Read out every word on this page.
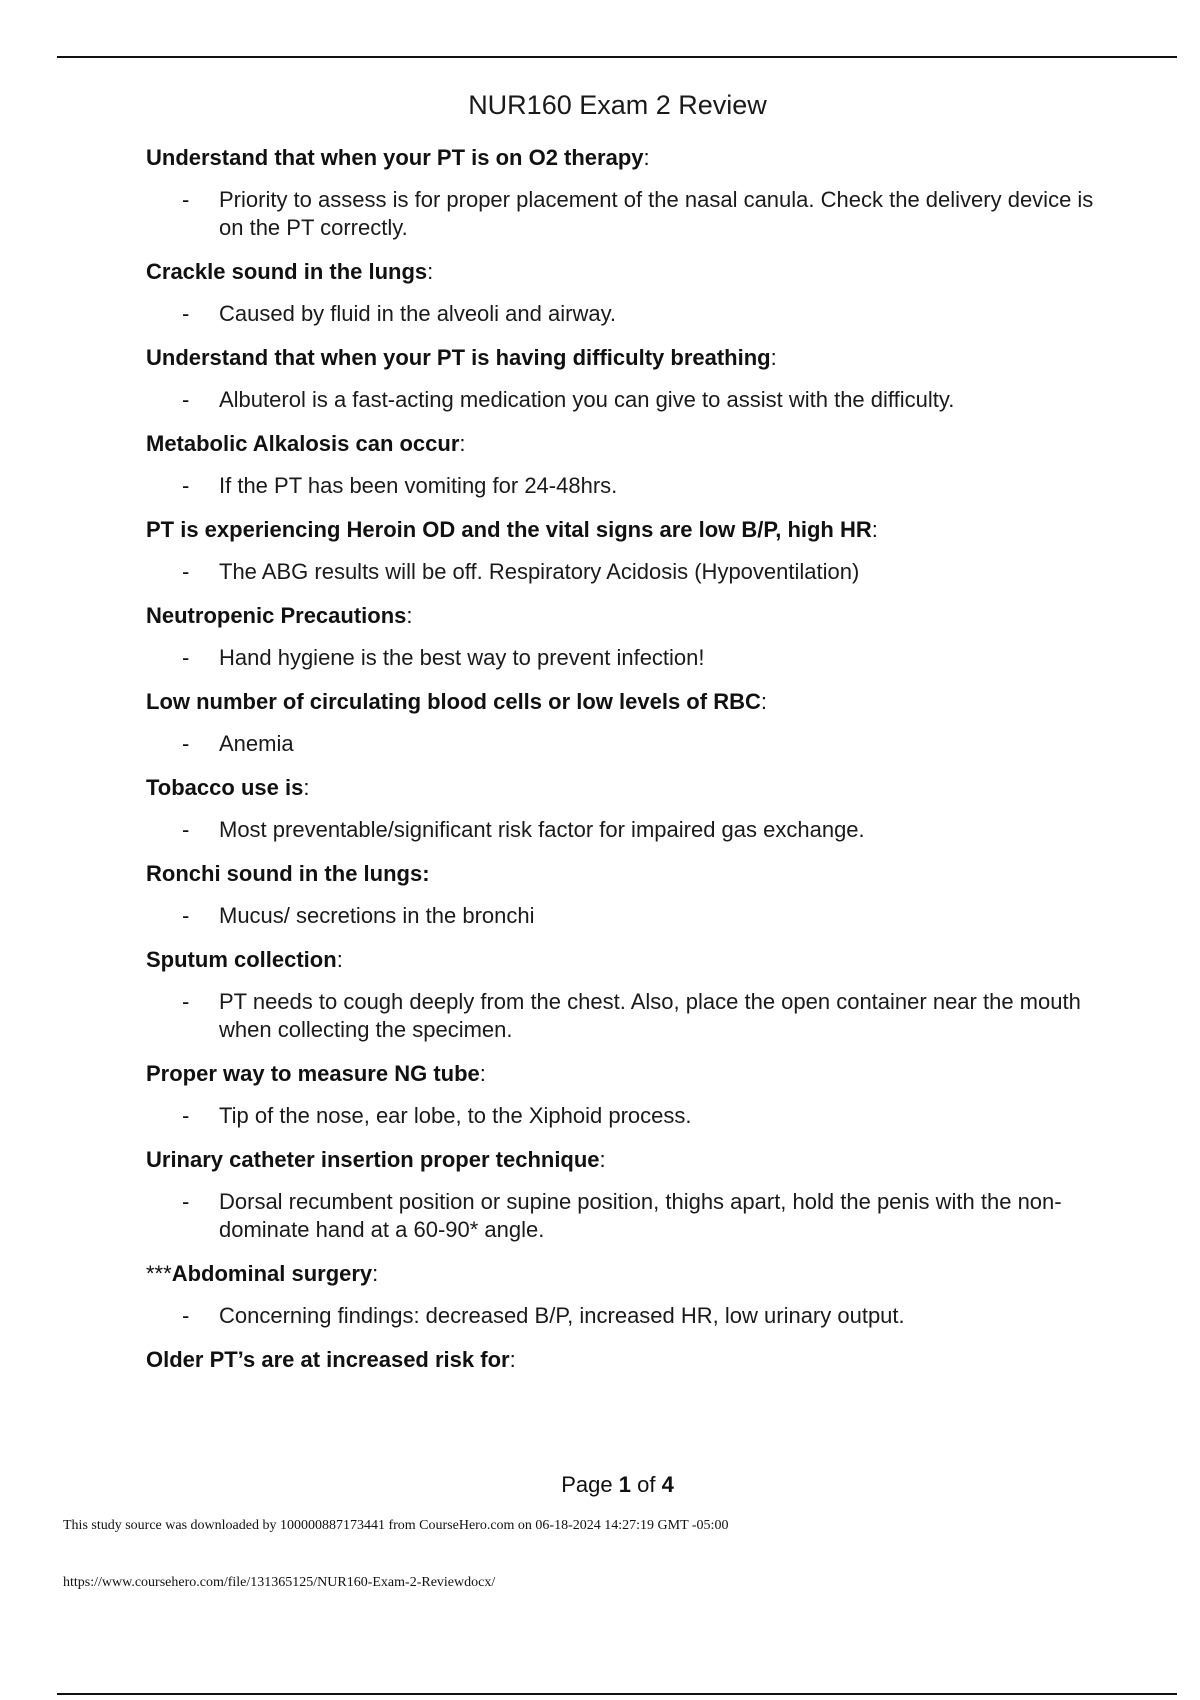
NUR160 Exam 2 Review

Understand that when your PT is on O2 therapy:

-	Priority to assess is for proper placement of the nasal canula. Check the delivery device is on the PT correctly.

Crackle sound in the lungs:

-	Caused by fluid in the alveoli and airway.

Understand that when your PT is having difficulty breathing:

-	Albuterol is a fast-acting medication you can give to assist with the difficulty.

Metabolic Alkalosis can occur:

-	If the PT has been vomiting for 24-48hrs.

PT is experiencing Heroin OD and the vital signs are low B/P, high HR:

-	The ABG results will be off. Respiratory Acidosis (Hypoventilation)

Neutropenic Precautions:

-	Hand hygiene is the best way to prevent infection!

Low number of circulating blood cells or low levels of RBC:

-	Anemia

Tobacco use is:

-	Most preventable/significant risk factor for impaired gas exchange.

Ronchi sound in the lungs:

-	Mucus/ secretions in the bronchi

Sputum collection:

-	PT needs to cough deeply from the chest. Also, place the open container near the mouth when collecting the specimen.

Proper way to measure NG tube:

-	Tip of the nose, ear lobe, to the Xiphoid process.

Urinary catheter insertion proper technique:

-	Dorsal recumbent position or supine position, thighs apart, hold the penis with the non-dominate hand at a 60-90* angle.

***Abdominal surgery:

-	Concerning findings: decreased B/P, increased HR, low urinary output.

Older PT’s are at increased risk for:

Page 1 of 4
This study source was downloaded by 100000887173441 from CourseHero.com on 06-18-2024 14:27:19 GMT -05:00
https://www.coursehero.com/file/131365125/NUR160-Exam-2-Reviewdocx/
